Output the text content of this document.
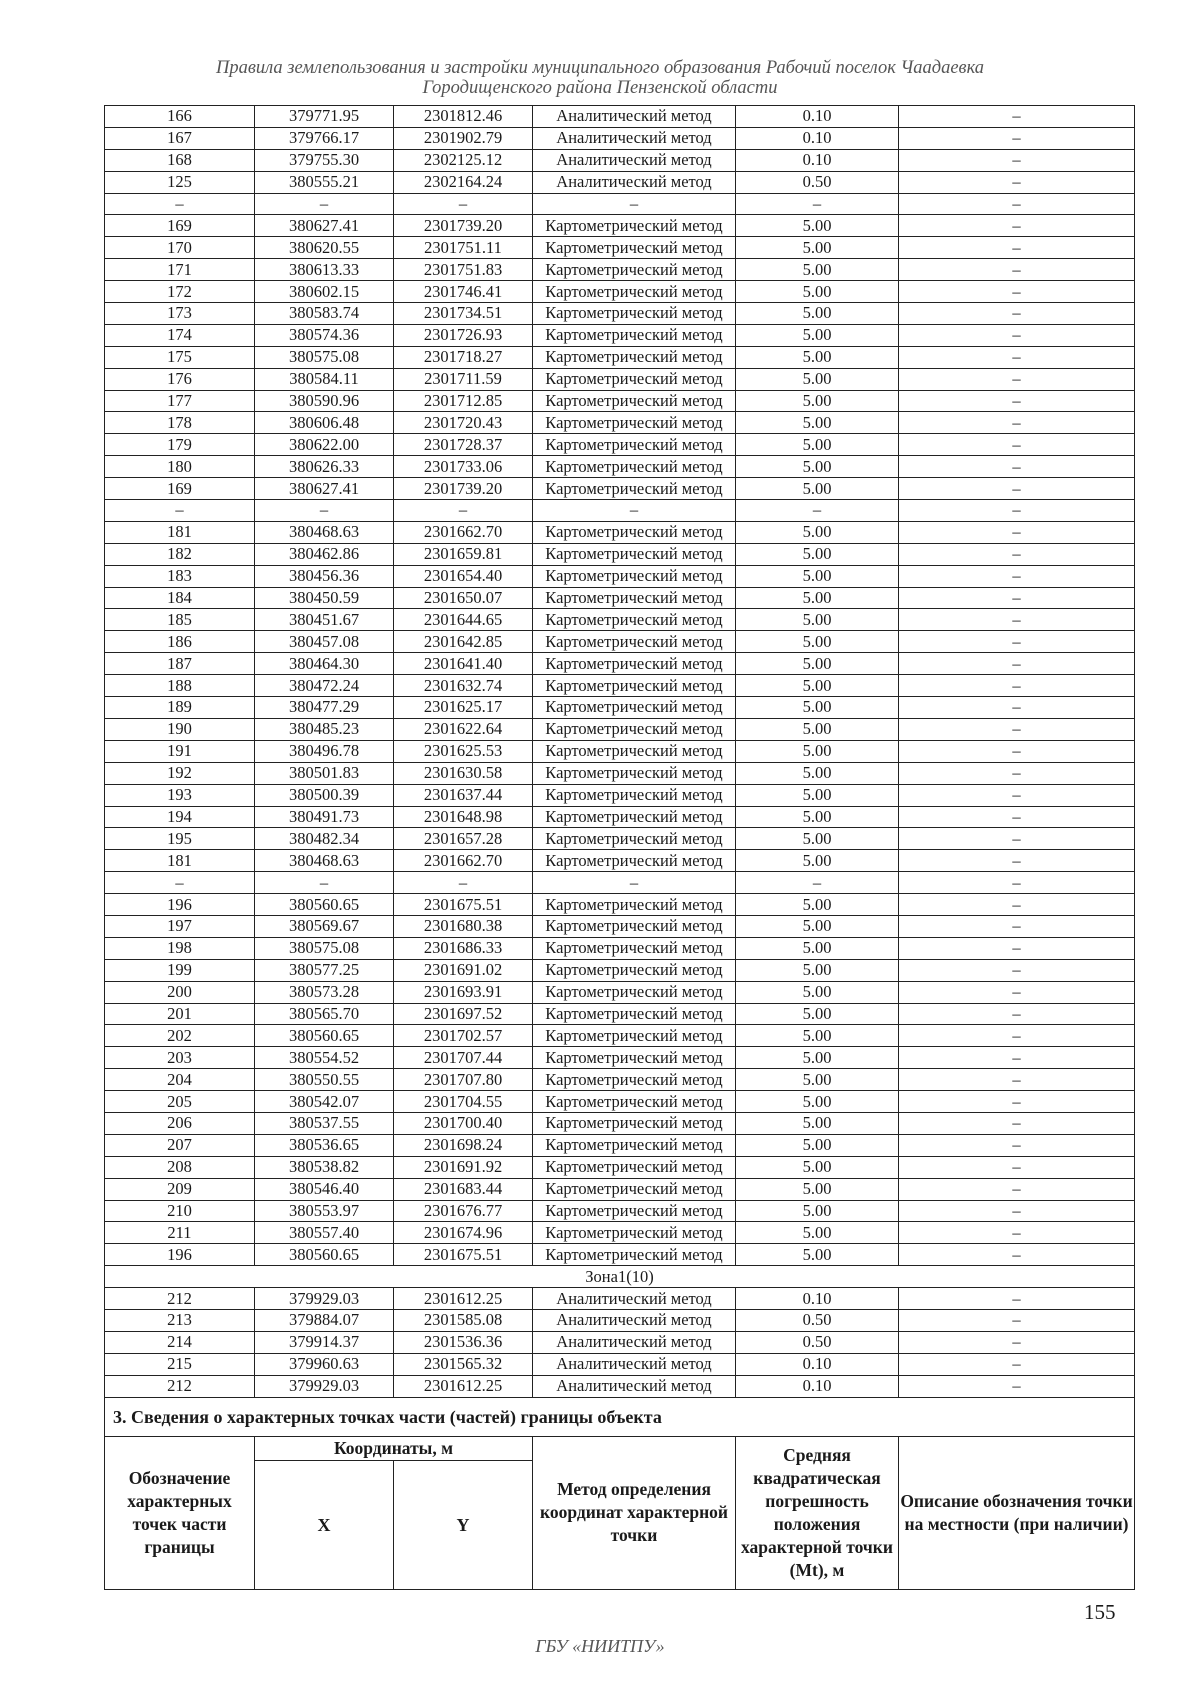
Правила землепользования и застройки муниципального образования Рабочий поселок Чаадаевка
Городищенского района Пензенской области
166	379771.95	2301812.46	Аналитический метод	0.10	–
167	379766.17	2301902.79	Аналитический метод	0.10	–
168	379755.30	2302125.12	Аналитический метод	0.10	–
125	380555.21	2302164.24	Аналитический метод	0.50	–
–	–	–	–	–	–
169	380627.41	2301739.20	Картометрический метод	5.00	–
170	380620.55	2301751.11	Картометрический метод	5.00	–
171	380613.33	2301751.83	Картометрический метод	5.00	–
172	380602.15	2301746.41	Картометрический метод	5.00	–
173	380583.74	2301734.51	Картометрический метод	5.00	–
174	380574.36	2301726.93	Картометрический метод	5.00	–
175	380575.08	2301718.27	Картометрический метод	5.00	–
176	380584.11	2301711.59	Картометрический метод	5.00	–
177	380590.96	2301712.85	Картометрический метод	5.00	–
178	380606.48	2301720.43	Картометрический метод	5.00	–
179	380622.00	2301728.37	Картометрический метод	5.00	–
180	380626.33	2301733.06	Картометрический метод	5.00	–
169	380627.41	2301739.20	Картометрический метод	5.00	–
–	–	–	–	–	–
181	380468.63	2301662.70	Картометрический метод	5.00	–
182	380462.86	2301659.81	Картометрический метод	5.00	–
183	380456.36	2301654.40	Картометрический метод	5.00	–
184	380450.59	2301650.07	Картометрический метод	5.00	–
185	380451.67	2301644.65	Картометрический метод	5.00	–
186	380457.08	2301642.85	Картометрический метод	5.00	–
187	380464.30	2301641.40	Картометрический метод	5.00	–
188	380472.24	2301632.74	Картометрический метод	5.00	–
189	380477.29	2301625.17	Картометрический метод	5.00	–
190	380485.23	2301622.64	Картометрический метод	5.00	–
191	380496.78	2301625.53	Картометрический метод	5.00	–
192	380501.83	2301630.58	Картометрический метод	5.00	–
193	380500.39	2301637.44	Картометрический метод	5.00	–
194	380491.73	2301648.98	Картометрический метод	5.00	–
195	380482.34	2301657.28	Картометрический метод	5.00	–
181	380468.63	2301662.70	Картометрический метод	5.00	–
–	–	–	–	–	–
196	380560.65	2301675.51	Картометрический метод	5.00	–
197	380569.67	2301680.38	Картометрический метод	5.00	–
198	380575.08	2301686.33	Картометрический метод	5.00	–
199	380577.25	2301691.02	Картометрический метод	5.00	–
200	380573.28	2301693.91	Картометрический метод	5.00	–
201	380565.70	2301697.52	Картометрический метод	5.00	–
202	380560.65	2301702.57	Картометрический метод	5.00	–
203	380554.52	2301707.44	Картометрический метод	5.00	–
204	380550.55	2301707.80	Картометрический метод	5.00	–
205	380542.07	2301704.55	Картометрический метод	5.00	–
206	380537.55	2301700.40	Картометрический метод	5.00	–
207	380536.65	2301698.24	Картометрический метод	5.00	–
208	380538.82	2301691.92	Картометрический метод	5.00	–
209	380546.40	2301683.44	Картометрический метод	5.00	–
210	380553.97	2301676.77	Картометрический метод	5.00	–
211	380557.40	2301674.96	Картометрический метод	5.00	–
196	380560.65	2301675.51	Картометрический метод	5.00	–
Зона1(10)					
212	379929.03	2301612.25	Аналитический метод	0.10	–
213	379884.07	2301585.08	Аналитический метод	0.50	–
214	379914.37	2301536.36	Аналитический метод	0.50	–
215	379960.63	2301565.32	Аналитический метод	0.10	–
212	379929.03	2301612.25	Аналитический метод	0.10	–
3. Сведения о характерных точках части (частей) границы объекта					
Обозначение характерных точек части границы	Координаты, м		Метод определения координат характерной точки	Средняя квадратическая погрешность положения характерной точки (Mt), м	Описание обозначения точки на местности (при наличии)
	X	Y			
155
ГБУ «НИИТПУ»
